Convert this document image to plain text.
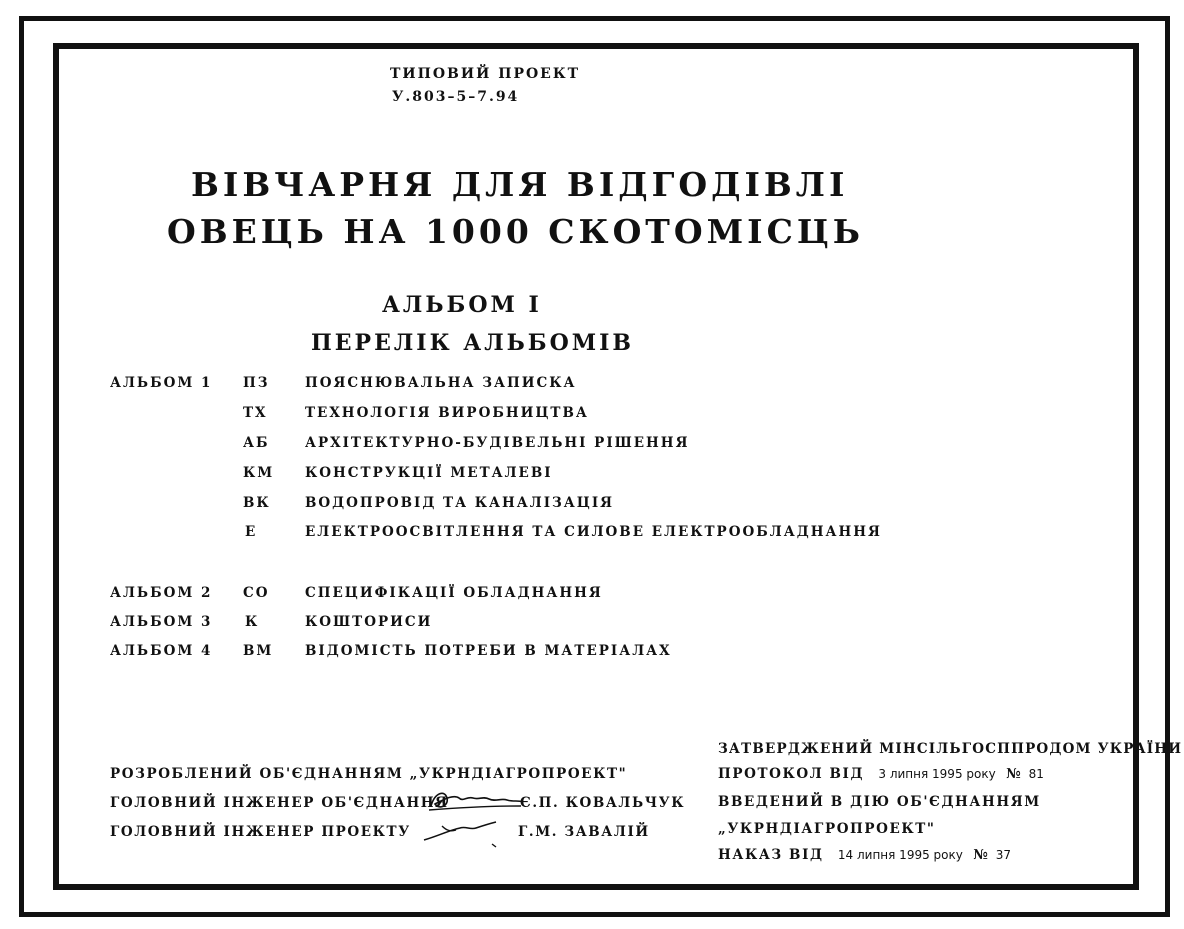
ТИПОВИЙ ПРОЕКТ
У.803–5–7.94
ВІВЧАРНЯ ДЛЯ ВІДГОДІВЛІ
ОВЕЦЬ НА 1000 СКОТОМІСЦЬ
АЛЬБОМ I
ПЕРЕЛІК АЛЬБОМІВ
АЛЬБОМ 1 ПЗ	ПОЯСНЮВАЛЬНА ЗАПИСКА
ТХ	ТЕХНОЛОГІЯ ВИРОБНИЦТВА
АБ	АРХІТЕКТУРНО-БУДІВЕЛЬНІ РІШЕННЯ
КМ КОНСТРУКЦІЇ МЕТАЛЕВІ
ВК	ВОДОПРОВІД ТА КАНАЛІЗАЦІЯ
Е	ЕЛЕКТРООСВІТЛЕННЯ ТА СИЛОВЕ ЕЛЕКТРООБЛАДНАННЯ
АЛЬБОМ 2 СО	СПЕЦИФІКАЦІЇ ОБЛАДНАННЯ
АЛЬБОМ 3 К	КОШТОРИСИ
АЛЬБОМ 4 ВМ ВІДОМІСТЬ ПОТРЕБИ В МАТЕРІАЛАХ
РОЗРОБЛЕНИЙ ОБ'ЄДНАННЯМ „УКРНДІАГРОПРОЕКТ"
ГОЛОВНИЙ ІНЖЕНЕР ОБ'ЄДНАННЯ	Є.П. КОВАЛЬЧУК
ГОЛОВНИЙ ІНЖЕНЕР ПРОЕКТУ	Г.М. ЗАВАЛІЙ
ЗАТВЕРДЖЕНИЙ МІНСІЛЬГОСППРОДОМ УКРАЇНИ
ПРОТОКОЛ ВІД 3 липня 1995 року № 81
ВВЕДЕНИЙ В ДІЮ ОБ'ЄДНАННЯМ
„УКРНДІАГРОПРОЕКТ"
НАКАЗ ВІД 14 липня 1995 року № 37
